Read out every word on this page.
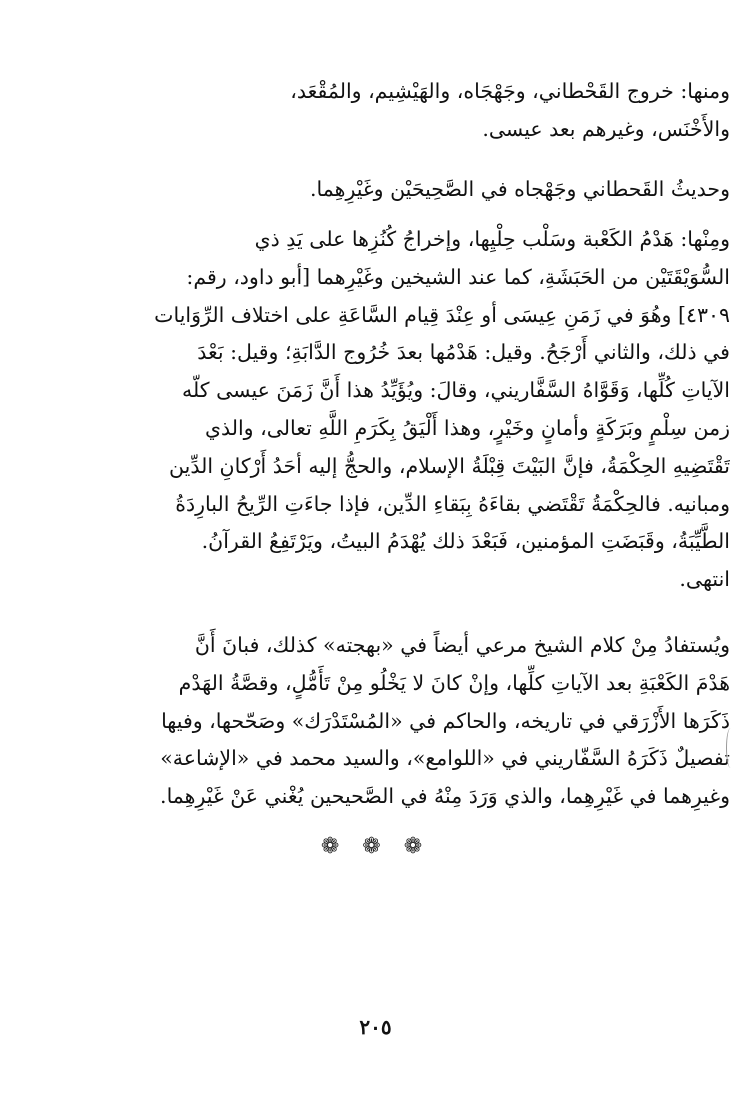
ومنها: خروج القَحْطاني، وجَهْجَاه، والهَيْشِيم، والمُقْعَد،
والأَخْنَس، وغيرهم بعد عيسى.
وحديثُ القَحطاني وجَهْجاه في الصَّحِيحَيْن وغَيْرِهِما.
ومِنْها: هَدْمُ الكَعْبة وسَلْب حِلْيِها، وإخراجُ كُنُزِها على يَدِ ذي
السُّوَيْقَتَيْن من الحَبَشَةِ، كما عند الشيخين وغَيْرِهما [أبو داود، رقم:
٤٣٠٩] وهُوَ في زَمَنِ عِيسَى أو عِنْدَ قِيام السَّاعَةِ على اختلاف الرِّوَايات
في ذلك، والثاني أَرْجَحُ. وقيل: هَدْمُها بعدَ خُرُوج الدَّابَةِ؛ وقيل: بَعْدَ
الآياتِ كُلِّها، وَقَوَّاهُ السَّفَّاريني، وقالَ: ويُؤَيِّدُ هذا أَنَّ زَمَنَ عيسى كلّه
زمن سِلْمٍ وبَرَكَةٍ وأمانٍ وخَيْرٍ، وهذا أَلْيَقُ بِكَرَمِ اللَّهِ تعالى، والذي
تَقْتَضِيهِ الحِكْمَةُ، فإنَّ البَيْتَ قِبْلَةُ الإسلام، والحجُّ إليه أحَدُ أَرْكانِ الدِّين
ومبانيه. فالحِكْمَةُ تَقْتَضي بقاءَهُ بِبَقاءِ الدِّين، فإذا جاءَتِ الرِّيحُ البارِدَةُ
الطَّيِّبَةُ، وقَبَضَتِ المؤمنين، فَبَعْدَ ذلك يُهْدَمُ البيتُ، ويَرْتَفِعُ القرآنُ.
انتهى.
ويُستفادُ مِنْ كلام الشيخ مرعي أيضاً في «بهجته» كذلك، فبانَ أَنَّ
هَدْمَ الكَعْبَةِ بعد الآياتِ كلِّها، وإنْ كانَ لا يَخْلُو مِنْ تَأَمُّلٍ، وقصَّةُ الهَدْم
ذَكَرَها الأَزْرَقي في تاريخه، والحاكم في «المُسْتَدْرَك» وصَحّحها، وفيها
تفصيلٌ ذَكَرَهُ السَّفّاريني في «اللوامع»، والسيد محمد في «الإشاعة»
وغيرِهما في غَيْرِهِما، والذي وَرَدَ مِنْهُ في الصَّحيحين يُغْني عَنْ غَيْرِهِما.
❁ ❁ ❁
٢٠٥
